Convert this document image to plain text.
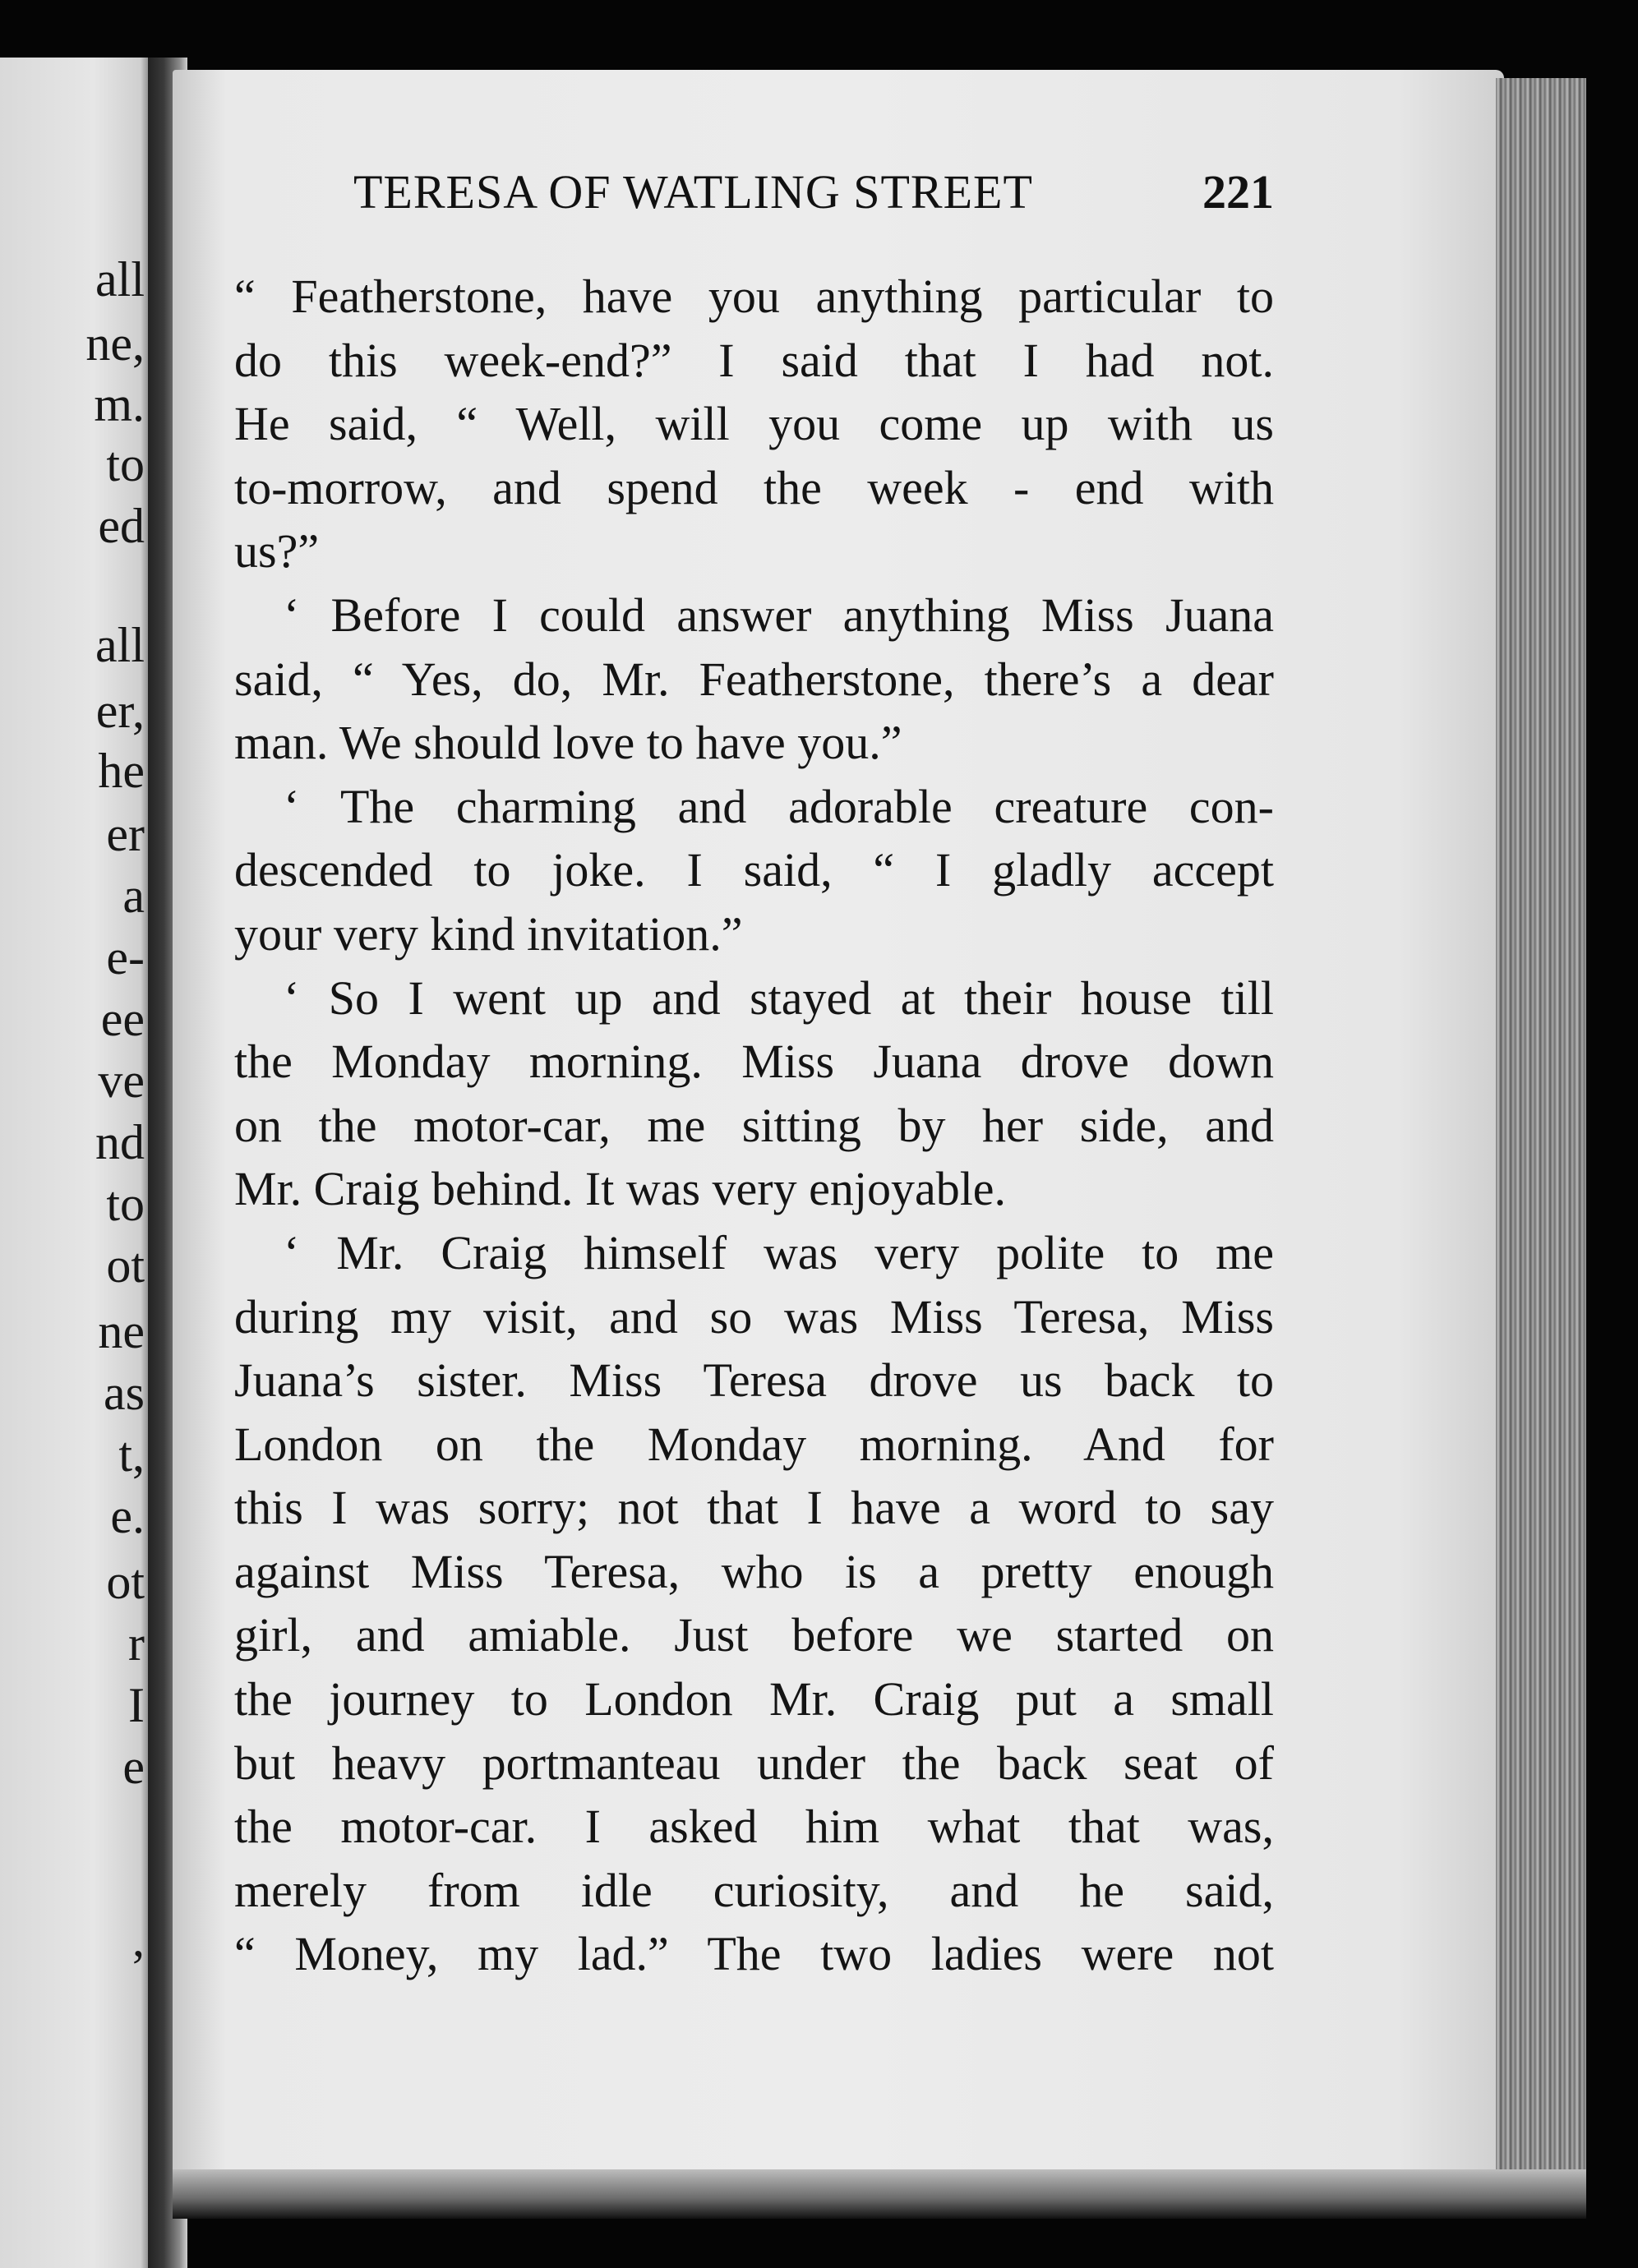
all
ne,
m.
to
ed
all
er,
he
er
a
e-
ee
ve
nd
to
ot
ne
as
t,
e.
ot
r
I
e
,
TERESA OF WATLING STREET	221
“ Featherstone, have you anything particular to
do this week-end?” I said that I had not.
He said, “ Well, will you come up with us
to-morrow, and spend the week - end with
us?”
‘ Before I could answer anything Miss Juana
said, “ Yes, do, Mr. Featherstone, there’s a dear
man. We should love to have you.”
‘ The charming and adorable creature con-
descended to joke. I said, “ I gladly accept
your very kind invitation.”
‘ So I went up and stayed at their house till
the Monday morning. Miss Juana drove down
on the motor-car, me sitting by her side, and
Mr. Craig behind. It was very enjoyable.
‘ Mr. Craig himself was very polite to me
during my visit, and so was Miss Teresa, Miss
Juana’s sister. Miss Teresa drove us back to
London on the Monday morning. And for
this I was sorry; not that I have a word to say
against Miss Teresa, who is a pretty enough
girl, and amiable. Just before we started on
the journey to London Mr. Craig put a small
but heavy portmanteau under the back seat of
the motor-car. I asked him what that was,
merely from idle curiosity, and he said,
“ Money, my lad.” The two ladies were not
